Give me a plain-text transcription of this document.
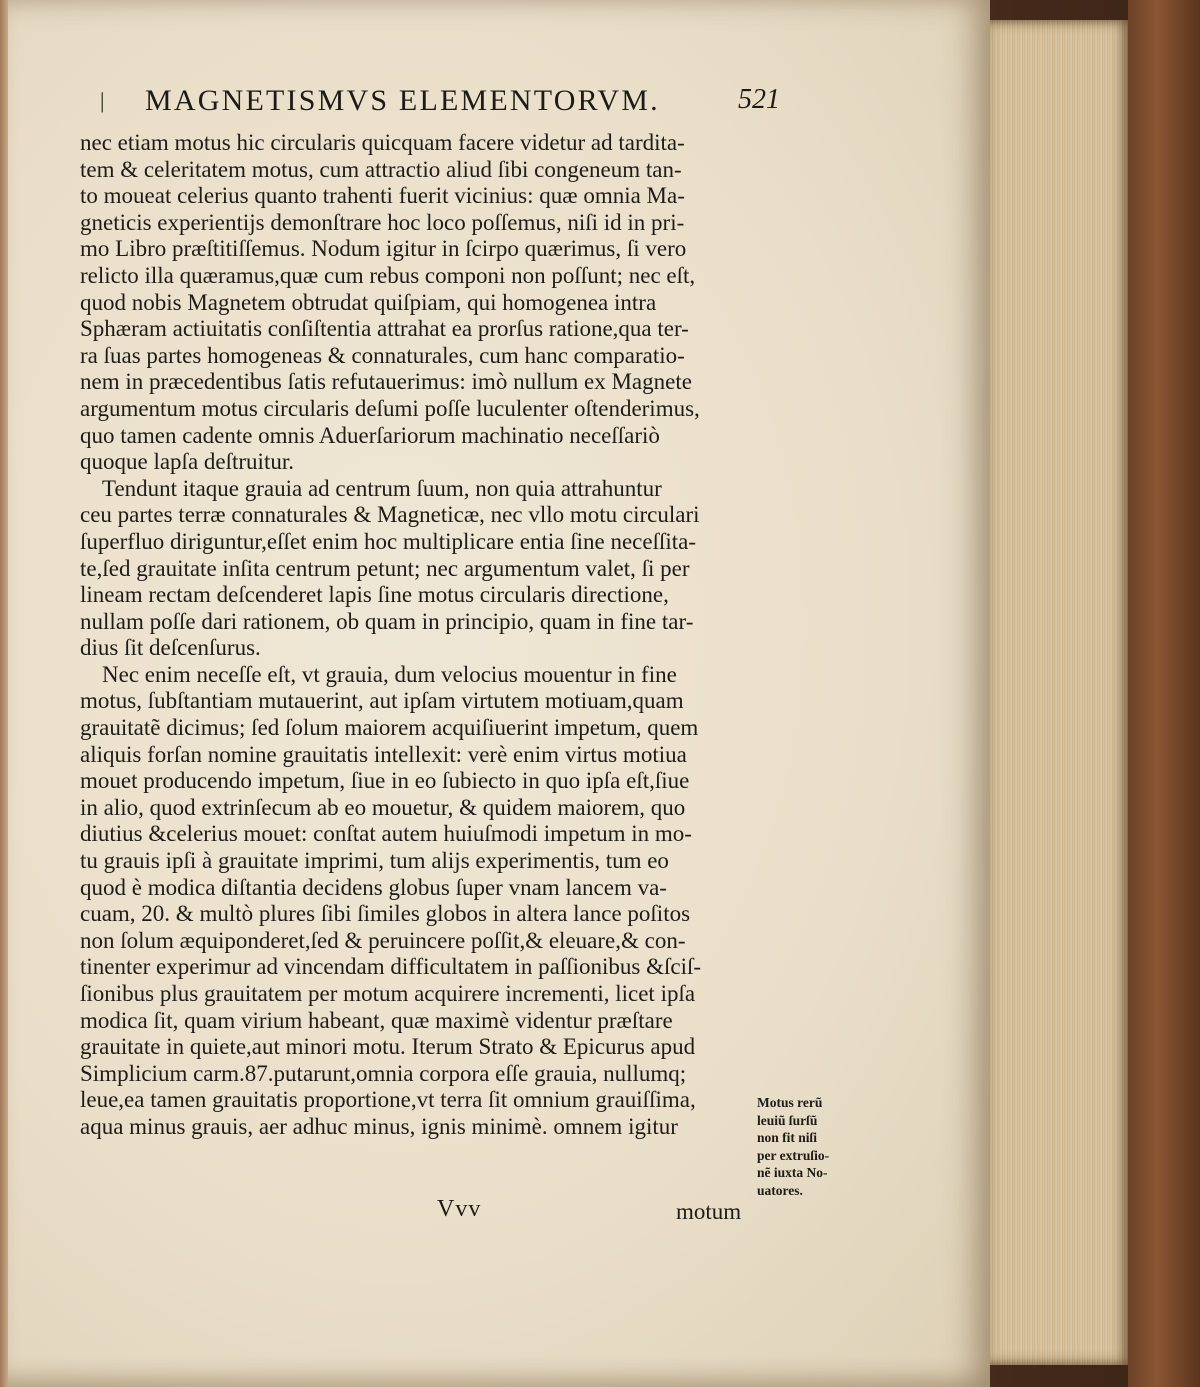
| MAGNETISMVS ELEMENTORVM.	521
nec etiam motus hic circularis quicquam facere videtur ad tardita-
tem & celeritatem motus, cum attractio aliud ſibi congeneum tan-
to moueat celerius quanto trahenti fuerit vicinius: quæ omnia Ma-
gneticis experientijs demonſtrare hoc loco poſſemus, niſi id in pri-
mo Libro præſtitiſſemus. Nodum igitur in ſcirpo quærimus, ſi vero
relicto illa quæramus,quæ cum rebus componi non poſſunt; nec eſt,
quod nobis Magnetem obtrudat quiſpiam, qui homogenea intra
Sphæram actiuitatis conſiſtentia attrahat ea prorſus ratione,qua ter-
ra ſuas partes homogeneas & connaturales, cum hanc comparatio-
nem in præcedentibus ſatis refutauerimus: imò nullum ex Magnete
argumentum motus circularis deſumi poſſe luculenter oſtenderimus,
quo tamen cadente omnis Aduerſariorum machinatio neceſſariò
quoque lapſa deſtruitur.
Tendunt itaque grauia ad centrum ſuum, non quia attrahuntur
ceu partes terræ connaturales & Magneticæ, nec vllo motu circulari
ſuperfluo diriguntur,eſſet enim hoc multiplicare entia ſine neceſſita-
te,ſed grauitate inſita centrum petunt; nec argumentum valet, ſi per
lineam rectam deſcenderet lapis ſine motus circularis directione,
nullam poſſe dari rationem, ob quam in principio, quam in fine tar-
dius ſit deſcenſurus.
Nec enim neceſſe eſt, vt grauia, dum velocius mouentur in fine
motus, ſubſtantiam mutauerint, aut ipſam virtutem motiuam,quam
grauitatẽ dicimus; ſed ſolum maiorem acquiſiuerint impetum, quem
aliquis forſan nomine grauitatis intellexit: verè enim virtus motiua
mouet producendo impetum, ſiue in eo ſubiecto in quo ipſa eſt,ſiue
in alio, quod extrinſecum ab eo mouetur, & quidem maiorem, quo
diutius &celerius mouet: conſtat autem huiuſmodi impetum in mo-
tu grauis ipſi à grauitate imprimi, tum alijs experimentis, tum eo
quod è modica diſtantia decidens globus ſuper vnam lancem va-
cuam, 20. & multò plures ſibi ſimiles globos in altera lance poſitos
non ſolum æquiponderet,ſed & peruincere poſſit,& eleuare,& con-
tinenter experimur ad vincendam difficultatem in paſſionibus &ſciſ-
ſionibus plus grauitatem per motum acquirere incrementi, licet ipſa
modica ſit, quam virium habeant, quæ maximè videntur præſtare
grauitate in quiete,aut minori motu. Iterum Strato & Epicurus apud
Simplicium carm.87.putarunt,omnia corpora eſſe grauia, nullumq;
leue,ea tamen grauitatis proportione,vt terra ſit omnium grauiſſima,
aqua minus grauis, aer adhuc minus, ignis minimè. omnem igitur
Motus rerũ
leuiũ ſurſũ
non fit niſi
per extruſio-
nẽ iuxta No-
uatores.
Vvv	motum
